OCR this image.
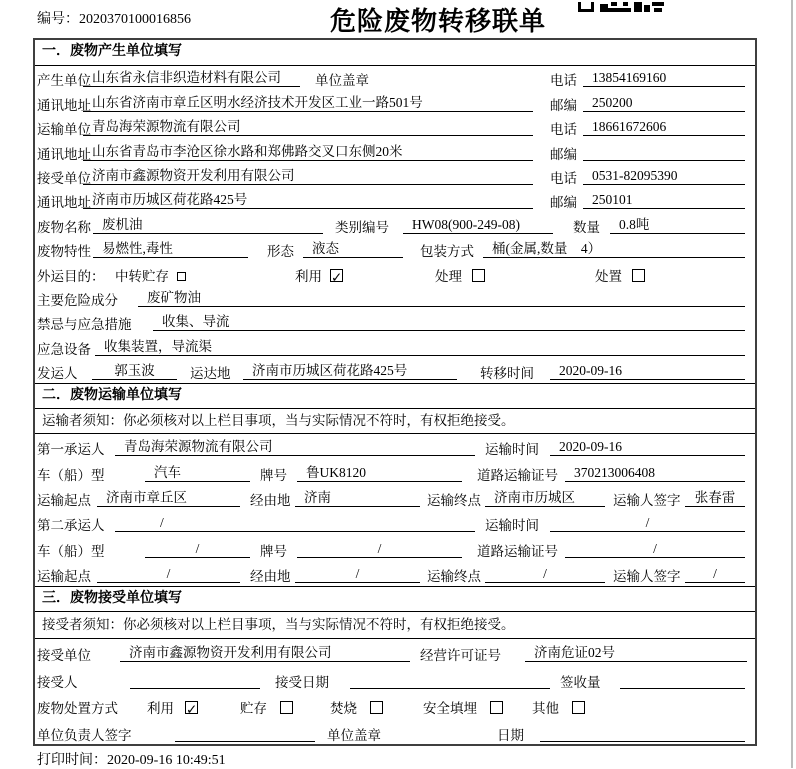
编号：2020370100016856	危险废物转移联单
一．废物产生单位填写
产生单位 山东省永信非织造材料有限公司	单位盖章	电话	13854169160
通讯地址 山东省济南市章丘区明水经济技术开发区工业一路501号	邮编	250200
运输单位 青岛海荣源物流有限公司	电话	18661672606
通讯地址 山东省青岛市李沧区徐水路和郑佛路交叉口东侧20米	邮编
接受单位 济南市鑫源物资开发利用有限公司	电话	0531-82095390
通讯地址 济南市历城区荷花路425号	邮编	250101
废物名称 废机油	类别编号	HW08(900-249-08)	数量	0.8吨
废物特性 易燃性,毒性	形态	液态	包装方式	桶(金属,数量　4）
外运目的： 中转贮存	利用 ✓	处理	处置
主要危险成分	废矿物油
禁忌与应急措施	收集、导流
应急设备 收集装置，导流渠
发运人	郭玉波	运达地	济南市历城区荷花路425号	转移时间	2020-09-16
二．废物运输单位填写
运输者须知：你必须核对以上栏目事项，当与实际情况不符时，有权拒绝接受。
第一承运人	青岛海荣源物流有限公司	运输时间	2020-09-16
车（船）型	汽车	牌号	鲁UK8120	道路运输证号	370213006408
运输起点	济南市章丘区	经由地	济南	运输终点 济南市历城区	运输人签字	张春雷
第二承运人	/	运输时间	/
车（船）型	/	牌号	/	道路运输证号	/
运输起点	/	经由地	/	运输终点	/	运输人签字	/
三．废物接受单位填写
接受者须知：你必须核对以上栏目事项，当与实际情况不符时，有权拒绝接受。
接受单位	济南市鑫源物资开发利用有限公司	经营许可证号	济南危证02号
接受人	接受日期	签收量
废物处置方式 利用 ✓	贮存	焚烧	安全填埋	其他
单位负责人签字	单位盖章	日期
打印时间：2020-09-16 10:49:51
